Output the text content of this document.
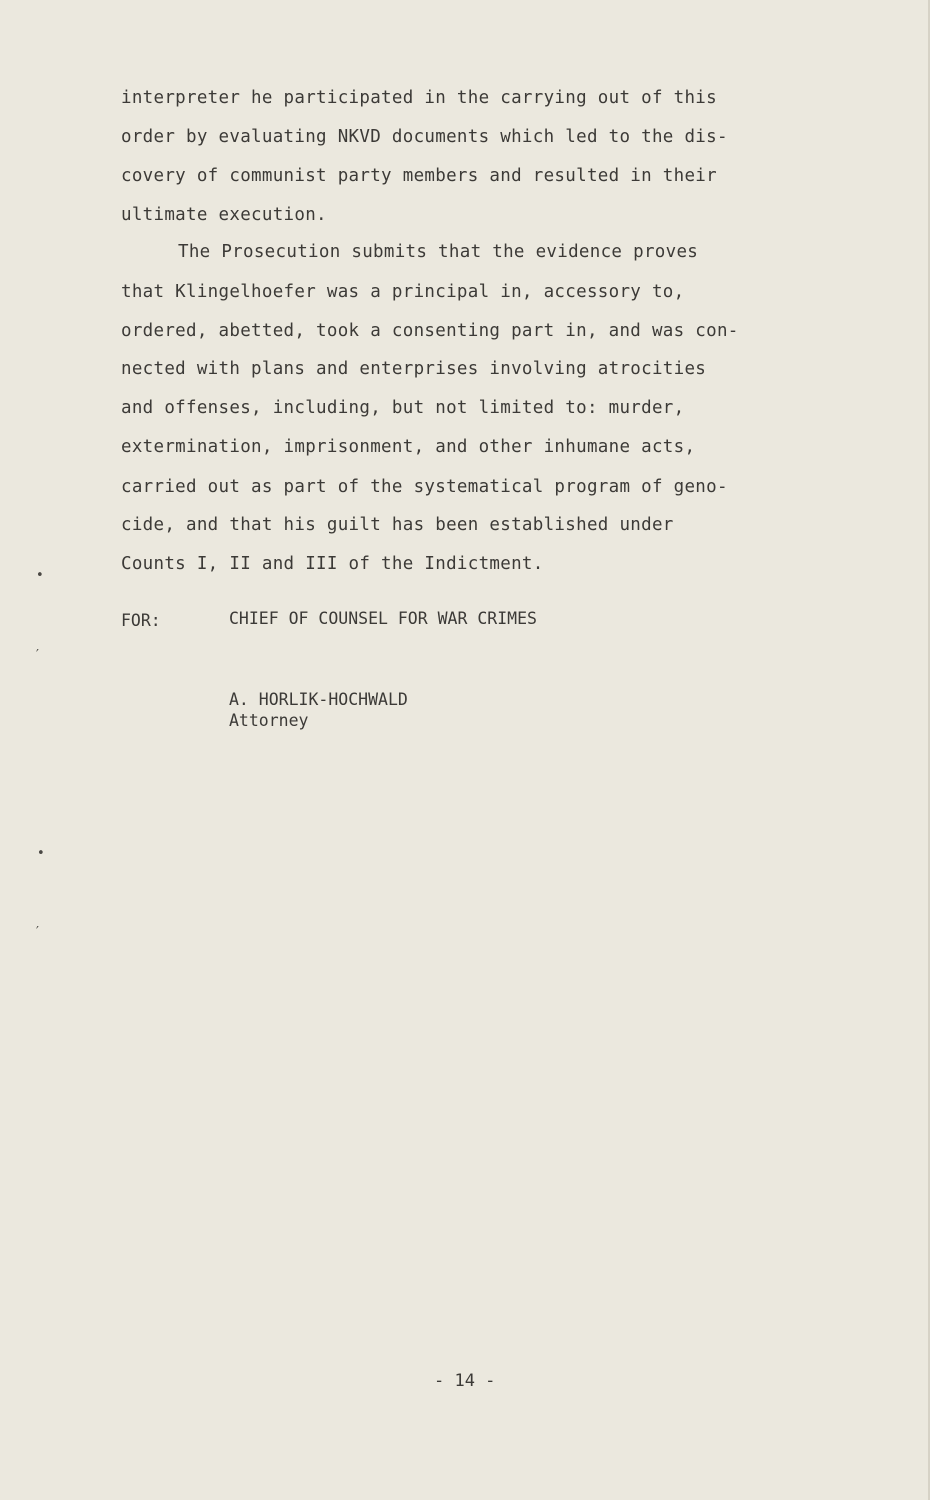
interpreter he participated in the carrying out of this
order by evaluating NKVD documents which led to the dis-
covery of communist party members and resulted in their
ultimate execution.
The Prosecution submits that the evidence proves
that Klingelhoefer was a principal in, accessory to,
ordered, abetted, took a consenting part in, and was con-
nected with plans and enterprises involving atrocities
and offenses, including, but not limited to: murder,
extermination, imprisonment, and other inhumane acts,
carried out as part of the systematical program of geno-
cide, and that his guilt has been established under
Counts I, II and III of the Indictment.
FOR:	CHIEF OF COUNSEL FOR WAR CRIMES
A. HORLIK-HOCHWALD
Attorney
- 14 -
•
′
•
′
